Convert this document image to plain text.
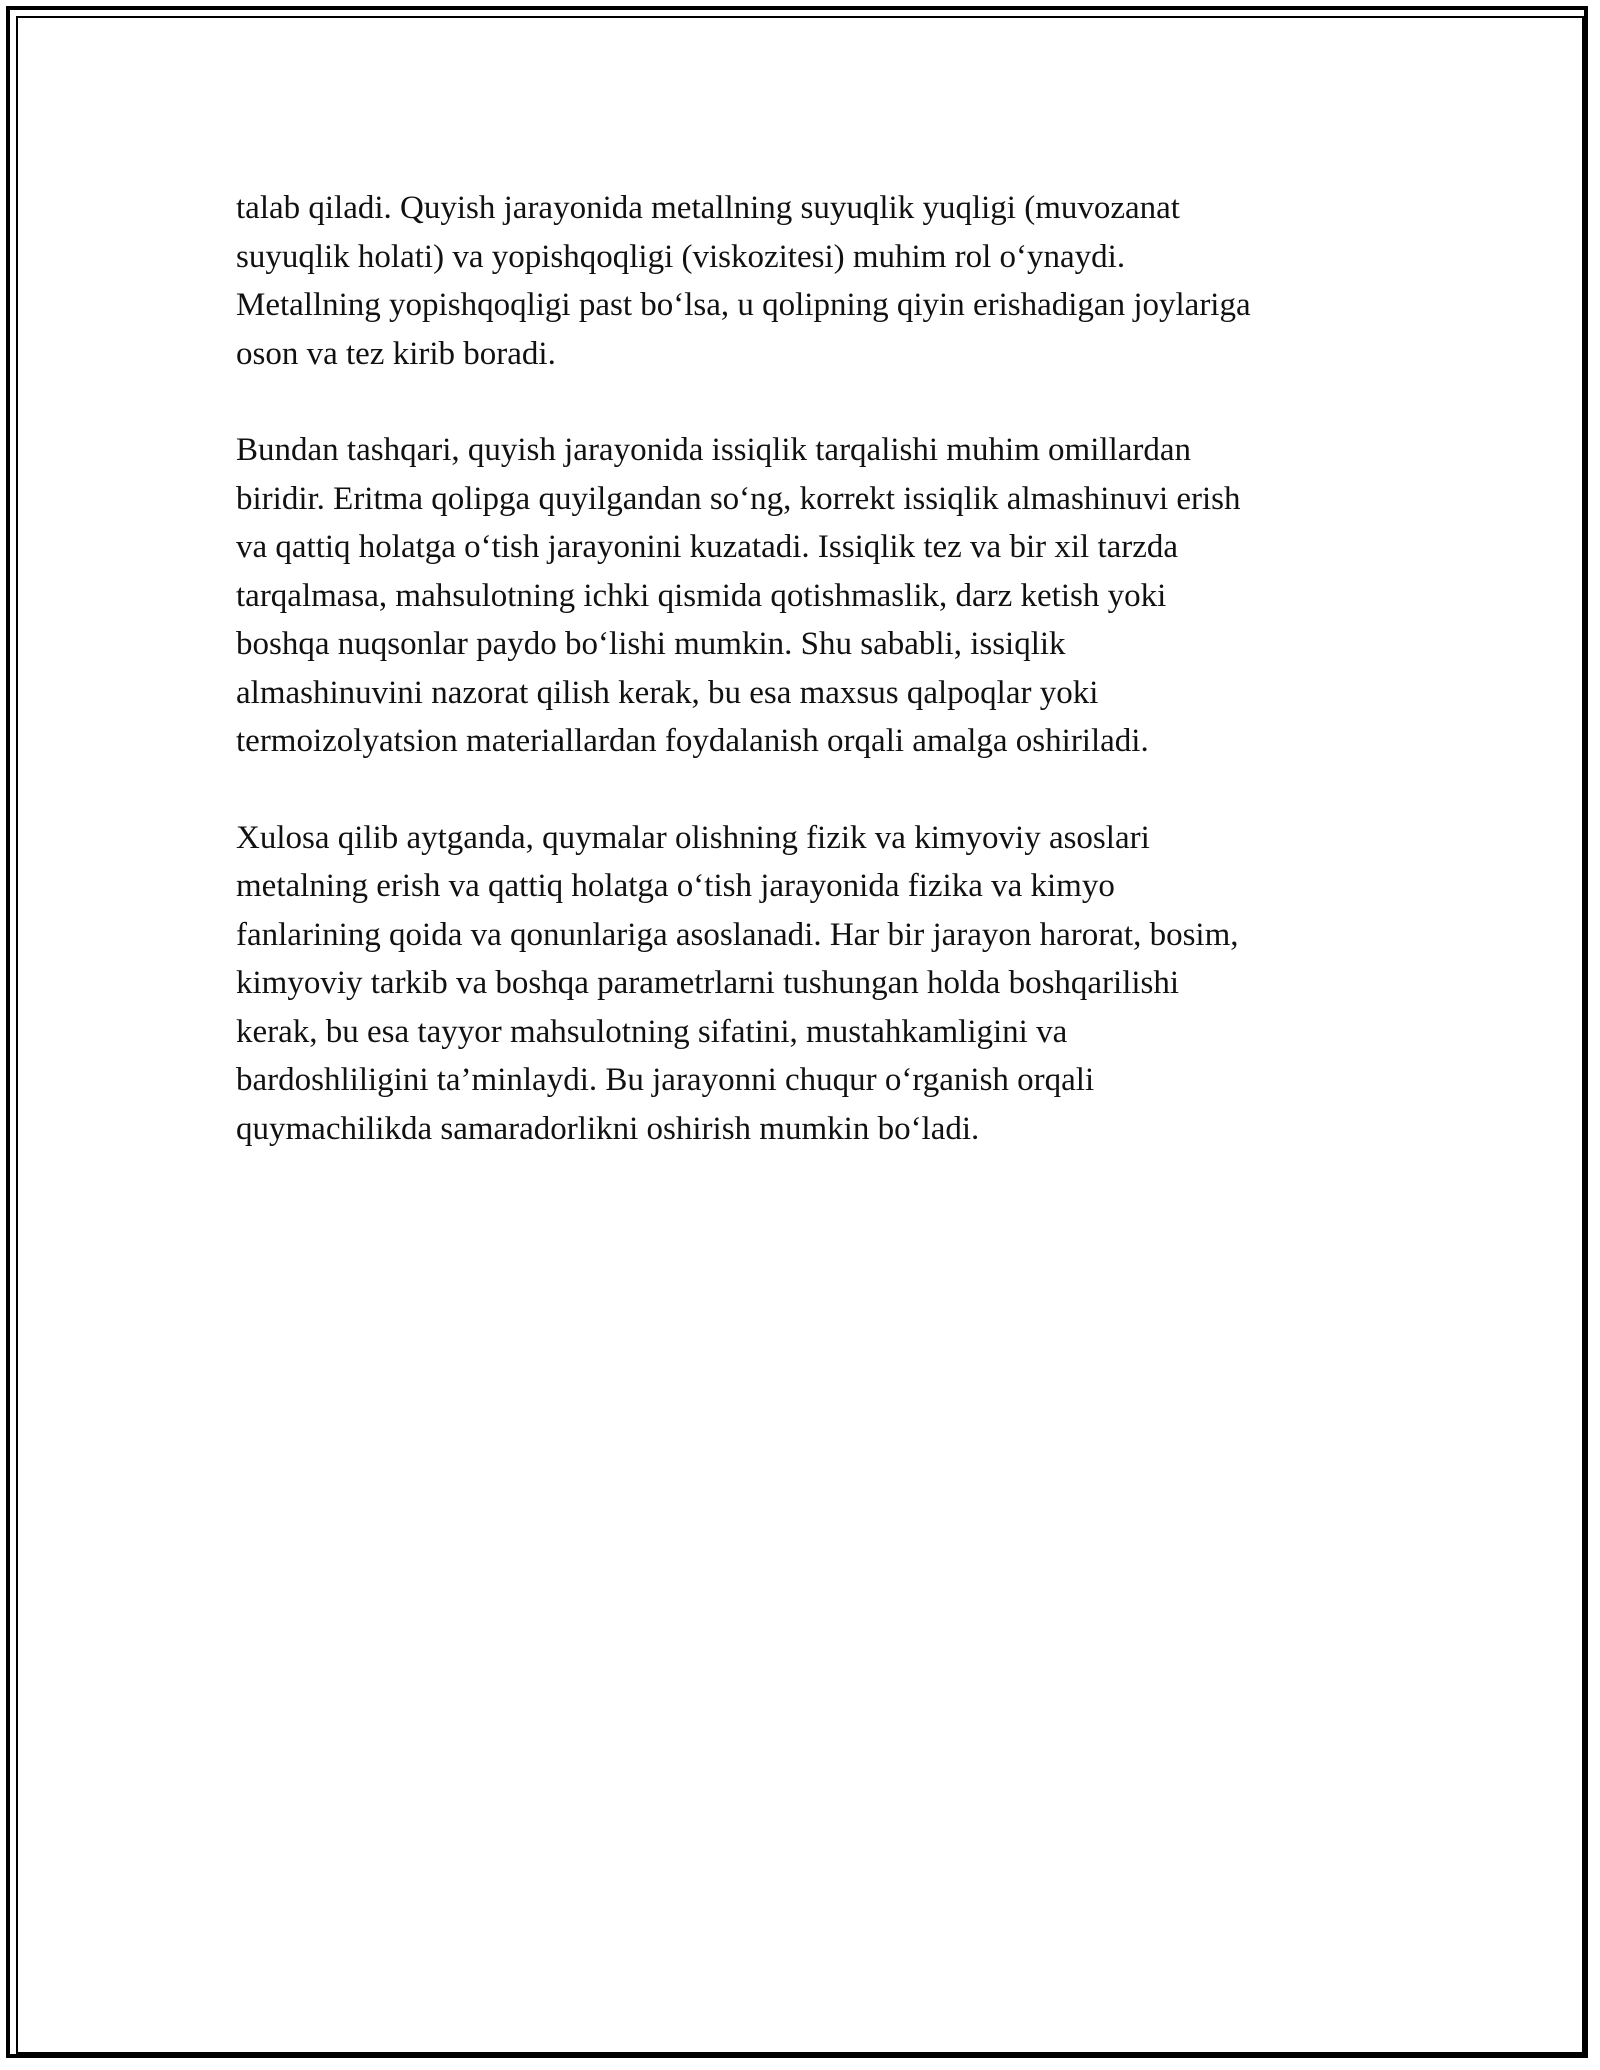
talab qiladi. Quyish jarayonida metallning suyuqlik yuqligi (muvozanat
suyuqlik holati) va yopishqoqligi (viskozitesi) muhim rol o‘ynaydi.
Metallning yopishqoqligi past bo‘lsa, u qolipning qiyin erishadigan joylariga
oson va tez kirib boradi.

Bundan tashqari, quyish jarayonida issiqlik tarqalishi muhim omillardan
biridir. Eritma qolipga quyilgandan so‘ng, korrekt issiqlik almashinuvi erish
va qattiq holatga o‘tish jarayonini kuzatadi. Issiqlik tez va bir xil tarzda
tarqalmasa, mahsulotning ichki qismida qotishmaslik, darz ketish yoki
boshqa nuqsonlar paydo bo‘lishi mumkin. Shu sababli, issiqlik
almashinuvini nazorat qilish kerak, bu esa maxsus qalpoqlar yoki
termoizolyatsion materiallardan foydalanish orqali amalga oshiriladi.

Xulosa qilib aytganda, quymalar olishning fizik va kimyoviy asoslari
metalning erish va qattiq holatga o‘tish jarayonida fizika va kimyo
fanlarining qoida va qonunlariga asoslanadi. Har bir jarayon harorat, bosim,
kimyoviy tarkib va boshqa parametrlarni tushungan holda boshqarilishi
kerak, bu esa tayyor mahsulotning sifatini, mustahkamligini va
bardoshliligini ta’minlaydi. Bu jarayonni chuqur o‘rganish orqali
quymachilikda samaradorlikni oshirish mumkin bo‘ladi.
